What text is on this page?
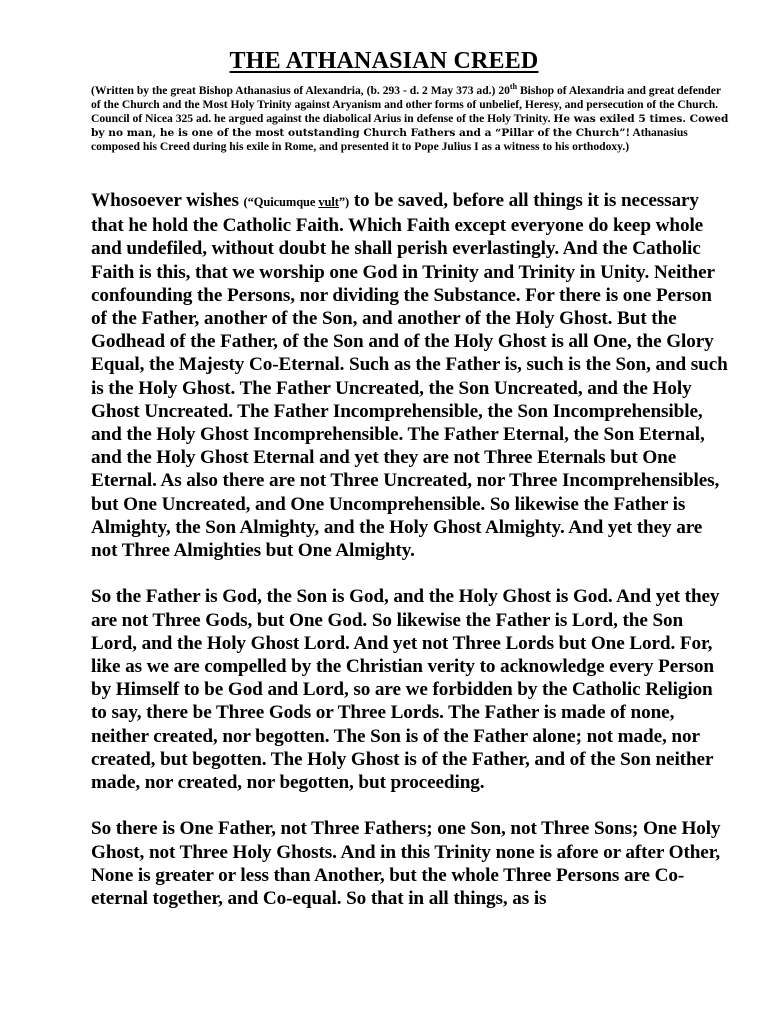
THE ATHANASIAN CREED

(Written by the great Bishop Athanasius of Alexandria, (b. 293 - d. 2 May 373 ad.) 20th Bishop of Alexandria and great defender of the Church and the Most Holy Trinity against Aryanism and other forms of unbelief, Heresy, and persecution of the Church. Council of Nicea 325 ad. he argued against the diabolical Arius in defense of the Holy Trinity. He was exiled 5 times. Cowed by no man, he is one of the most outstanding Church Fathers and a “Pillar of the Church”! Athanasius composed his Creed during his exile in Rome, and presented it to Pope Julius I as a witness to his orthodoxy.)

Whosoever wishes (“Quicumque vult”) to be saved, before all things it is necessary that he hold the Catholic Faith. Which Faith except everyone do keep whole and undefiled, without doubt he shall perish everlastingly. And the Catholic Faith is this, that we worship one God in Trinity and Trinity in Unity. Neither confounding the Persons, nor dividing the Substance. For there is one Person of the Father, another of the Son, and another of the Holy Ghost. But the Godhead of the Father, of the Son and of the Holy Ghost is all One, the Glory Equal, the Majesty Co-Eternal. Such as the Father is, such is the Son, and such is the Holy Ghost. The Father Uncreated, the Son Uncreated, and the Holy Ghost Uncreated. The Father Incomprehensible, the Son Incomprehensible, and the Holy Ghost Incomprehensible. The Father Eternal, the Son Eternal, and the Holy Ghost Eternal and yet they are not Three Eternals but One Eternal. As also there are not Three Uncreated, nor Three Incomprehensibles, but One Uncreated, and One Uncomprehensible. So likewise the Father is Almighty, the Son Almighty, and the Holy Ghost Almighty. And yet they are not Three Almighties but One Almighty.

So the Father is God, the Son is God, and the Holy Ghost is God. And yet they are not Three Gods, but One God. So likewise the Father is Lord, the Son Lord, and the Holy Ghost Lord. And yet not Three Lords but One Lord. For, like as we are compelled by the Christian verity to acknowledge every Person by Himself to be God and Lord, so are we forbidden by the Catholic Religion to say, there be Three Gods or Three Lords. The Father is made of none, neither created, nor begotten. The Son is of the Father alone; not made, nor created, but begotten. The Holy Ghost is of the Father, and of the Son neither made, nor created, nor begotten, but proceeding.

So there is One Father, not Three Fathers; one Son, not Three Sons; One Holy Ghost, not Three Holy Ghosts. And in this Trinity none is afore or after Other, None is greater or less than Another, but the whole Three Persons are Co-eternal together, and Co-equal. So that in all things, as is
